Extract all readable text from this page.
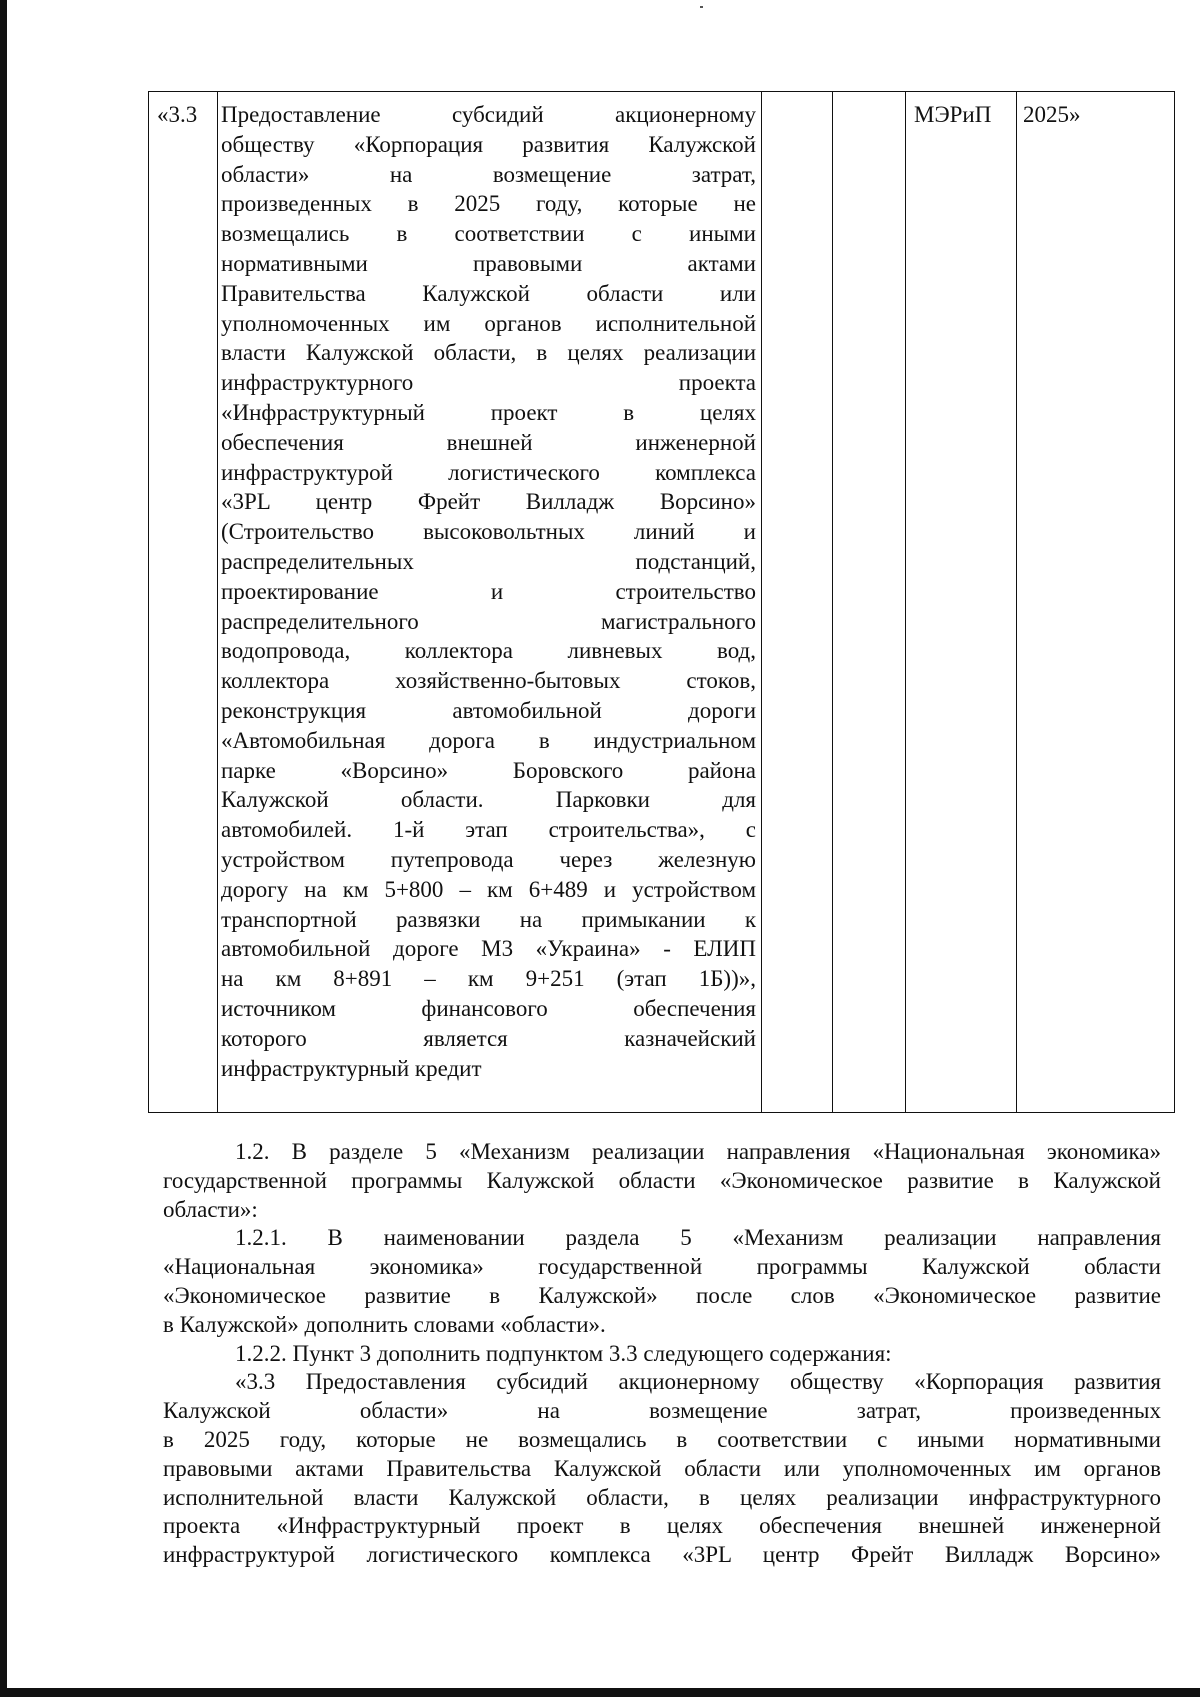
«3.3 Предоставление субсидий акционерному
обществу «Корпорация развития Калужской
области» на возмещение затрат,
произведенных в 2025 году, которые не
возмещались в соответствии с иными
нормативными правовыми актами
Правительства Калужской области или
уполномоченных им органов исполнительной
власти Калужской области, в целях реализации
инфраструктурного проекта
«Инфраструктурный проект в целях
обеспечения внешней инженерной
инфраструктурой логистического комплекса
«3PL центр Фрейт Вилладж Ворсино»
(Строительство высоковольтных линий и
распределительных подстанций,
проектирование и строительство
распределительного магистрального
водопровода, коллектора ливневых вод,
коллектора хозяйственно-бытовых стоков,
реконструкция автомобильной дороги
«Автомобильная дорога в индустриальном
парке «Ворсино» Боровского района
Калужской области. Парковки для
автомобилей. 1-й этап строительства», с
устройством путепровода через железную
дорогу на км 5+800 – км 6+489 и устройством
транспортной развязки на примыкании к
автомобильной дороге М3 «Украина» - ЕЛИП
на км 8+891 – км 9+251 (этап 1Б))»,
источником финансового обеспечения
которого является казначейский
инфраструктурный кредит
МЭРиП 2025»
1.2. В разделе 5 «Механизм реализации направления «Национальная экономика»
государственной программы Калужской области «Экономическое развитие в Калужской
области»:
1.2.1. В наименовании раздела 5 «Механизм реализации направления
«Национальная экономика» государственной программы Калужской области
«Экономическое развитие в Калужской» после слов «Экономическое развитие
в Калужской» дополнить словами «области».
1.2.2. Пункт 3 дополнить подпунктом 3.3 следующего содержания:
«3.3 Предоставления субсидий акционерному обществу «Корпорация развития
Калужской области» на возмещение затрат, произведенных
в 2025 году, которые не возмещались в соответствии с иными нормативными
правовыми актами Правительства Калужской области или уполномоченных им органов
исполнительной власти Калужской области, в целях реализации инфраструктурного
проекта «Инфраструктурный проект в целях обеспечения внешней инженерной
инфраструктурой логистического комплекса «3PL центр Фрейт Вилладж Ворсино»
